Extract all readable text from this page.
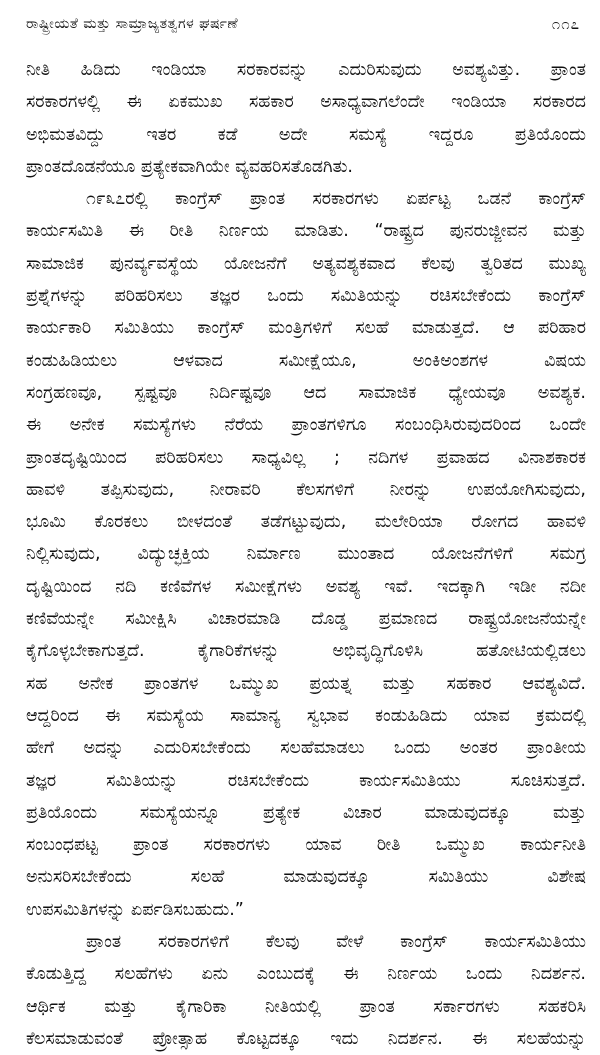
ರಾಷ್ಟ್ರೀಯತೆ ಮತ್ತು ಸಾಮ್ರಾಜ್ಯತತ್ವಗಳ ಘರ್ಷಣೆ	೧೧೭
ನೀತಿ ಹಿಡಿದು ಇಂಡಿಯಾ ಸರಕಾರವನ್ನು ಎದುರಿಸುವುದು ಅವಶ್ಯವಿತ್ತು. ಪ್ರಾಂತ
ಸರಕಾರಗಳಲ್ಲಿ ಈ ಏಕಮುಖ ಸಹಕಾರ ಅಸಾಧ್ಯವಾಗಲೆಂದೇ ಇಂಡಿಯಾ ಸರಕಾರದ
ಅಭಿಮತವಿದ್ದು ಇತರ ಕಡೆ ಅದೇ ಸಮಸ್ಯೆ ಇದ್ದರೂ ಪ್ರತಿಯೊಂದು
ಪ್ರಾಂತದೊಡನೆಯೂ ಪ್ರತ್ಯೇಕವಾಗಿಯೇ ವ್ಯವಹರಿಸತೊಡಗಿತು.
೧೯೩೭ರಲ್ಲಿ ಕಾಂಗ್ರೆಸ್ ಪ್ರಾಂತ ಸರಕಾರಗಳು ಏರ್ಪಟ್ಟ ಒಡನೆ ಕಾಂಗ್ರೆಸ್
ಕಾರ್ಯಸಮಿತಿ ಈ ರೀತಿ ನಿರ್ಣಯ ಮಾಡಿತು. “ರಾಷ್ಟ್ರದ ಪುನರುಜ್ಜೀವನ ಮತ್ತು
ಸಾಮಾಜಿಕ ಪುನರ್ವ್ಯವಸ್ಥೆಯ ಯೋಜನೆಗೆ ಅತ್ಯವಶ್ಯಕವಾದ ಕೆಲವು ತ್ವರಿತದ ಮುಖ್ಯ
ಪ್ರಶ್ನೆಗಳನ್ನು ಪರಿಹರಿಸಲು ತಜ್ಞರ ಒಂದು ಸಮಿತಿಯನ್ನು ರಚಿಸಬೇಕೆಂದು ಕಾಂಗ್ರೆಸ್
ಕಾರ್ಯಕಾರಿ ಸಮಿತಿಯು ಕಾಂಗ್ರೆಸ್ ಮಂತ್ರಿಗಳಿಗೆ ಸಲಹೆ ಮಾಡುತ್ತದೆ. ಆ ಪರಿಹಾರ
ಕಂಡುಹಿಡಿಯಲು ಆಳವಾದ ಸಮೀಕ್ಷೆಯೂ, ಅಂಕಿಅಂಶಗಳ ವಿಷಯ
ಸಂಗ್ರಹಣವೂ, ಸ್ಪಷ್ಟವೂ ನಿರ್ದಿಷ್ಟವೂ ಆದ ಸಾಮಾಜಿಕ ಧ್ಯೇಯವೂ ಅವಶ್ಯಕ.
ಈ ಅನೇಕ ಸಮಸ್ಯೆಗಳು ನೆರೆಯ ಪ್ರಾಂತಗಳಿಗೂ ಸಂಬಂಧಿಸಿರುವುದರಿಂದ ಒಂದೇ
ಪ್ರಾಂತದೃಷ್ಟಿಯಿಂದ ಪರಿಹರಿಸಲು ಸಾಧ್ಯವಿಲ್ಲ ; ನದಿಗಳ ಪ್ರವಾಹದ ವಿನಾಶಕಾರಕ
ಹಾವಳಿ ತಪ್ಪಿಸುವುದು, ನೀರಾವರಿ ಕೆಲಸಗಳಿಗೆ ನೀರನ್ನು ಉಪಯೋಗಿಸುವುದು,
ಭೂಮಿ ಕೊರಕಲು ಬೀಳದಂತೆ ತಡೆಗಟ್ಟುವುದು, ಮಲೇರಿಯಾ ರೋಗದ ಹಾವಳಿ
ನಿಲ್ಲಿಸುವುದು, ವಿದ್ಯುಚ್ಛಕ್ತಿಯ ನಿರ್ಮಾಣ ಮುಂತಾದ ಯೋಜನೆಗಳಿಗೆ ಸಮಗ್ರ
ದೃಷ್ಟಿಯಿಂದ ನದಿ ಕಣಿವೆಗಳ ಸಮೀಕ್ಷೆಗಳು ಅವಶ್ಯ ಇವೆ. ಇದಕ್ಕಾಗಿ ಇಡೀ ನದೀ
ಕಣಿವೆಯನ್ನೇ ಸಮೀಕ್ಷಿಸಿ ವಿಚಾರಮಾಡಿ ದೊಡ್ಡ ಪ್ರಮಾಣದ ರಾಷ್ಟ್ರಯೋಜನೆಯನ್ನೇ
ಕೈಗೊಳ್ಳಬೇಕಾಗುತ್ತದೆ. ಕೈಗಾರಿಕೆಗಳನ್ನು ಅಭಿವೃದ್ಧಿಗೊಳಿಸಿ ಹತೋಟಿಯಲ್ಲಿಡಲು
ಸಹ ಅನೇಕ ಪ್ರಾಂತಗಳ ಒಮ್ಮುಖ ಪ್ರಯತ್ನ ಮತ್ತು ಸಹಕಾರ ಆವಶ್ಯವಿದೆ.
ಆದ್ದರಿಂದ ಈ ಸಮಸ್ಯೆಯ ಸಾಮಾನ್ಯ ಸ್ವಭಾವ ಕಂಡುಹಿಡಿದು ಯಾವ ಕ್ರಮದಲ್ಲಿ
ಹೇಗೆ ಅದನ್ನು ಎದುರಿಸಬೇಕೆಂದು ಸಲಹೆಮಾಡಲು ಒಂದು ಅಂತರ ಪ್ರಾಂತೀಯ
ತಜ್ಞರ ಸಮಿತಿಯನ್ನು ರಚಿಸಬೇಕೆಂದು ಕಾರ್ಯಸಮಿತಿಯು ಸೂಚಿಸುತ್ತದೆ.
ಪ್ರತಿಯೊಂದು ಸಮಸ್ಯೆಯನ್ನೂ ಪ್ರತ್ಯೇಕ ವಿಚಾರ ಮಾಡುವುದಕ್ಕೂ ಮತ್ತು
ಸಂಬಂಧಪಟ್ಟ ಪ್ರಾಂತ ಸರಕಾರಗಳು ಯಾವ ರೀತಿ ಒಮ್ಮುಖ ಕಾರ್ಯನೀತಿ
ಅನುಸರಿಸಬೇಕೆಂದು ಸಲಹೆ ಮಾಡುವುದಕ್ಕೂ ಸಮಿತಿಯು ವಿಶೇಷ
ಉಪಸಮಿತಿಗಳನ್ನು ಏರ್ಪಡಿಸಬಹುದು.”
ಪ್ರಾಂತ ಸರಕಾರಗಳಿಗೆ ಕೆಲವು ವೇಳೆ ಕಾಂಗ್ರೆಸ್ ಕಾರ್ಯಸಮಿತಿಯು
ಕೊಡುತ್ತಿದ್ದ ಸಲಹೆಗಳು ಏನು ಎಂಬುದಕ್ಕೆ ಈ ನಿರ್ಣಯ ಒಂದು ನಿದರ್ಶನ.
ಆರ್ಥಿಕ ಮತ್ತು ಕೈಗಾರಿಕಾ ನೀತಿಯಲ್ಲಿ ಪ್ರಾಂತ ಸರ್ಕಾರಗಳು ಸಹಕರಿಸಿ
ಕೆಲಸಮಾಡುವಂತೆ ಪ್ರೋತ್ಸಾಹ ಕೊಟ್ಟದಕ್ಕೂ ಇದು ನಿದರ್ಶನ. ಈ ಸಲಹೆಯನ್ನು
